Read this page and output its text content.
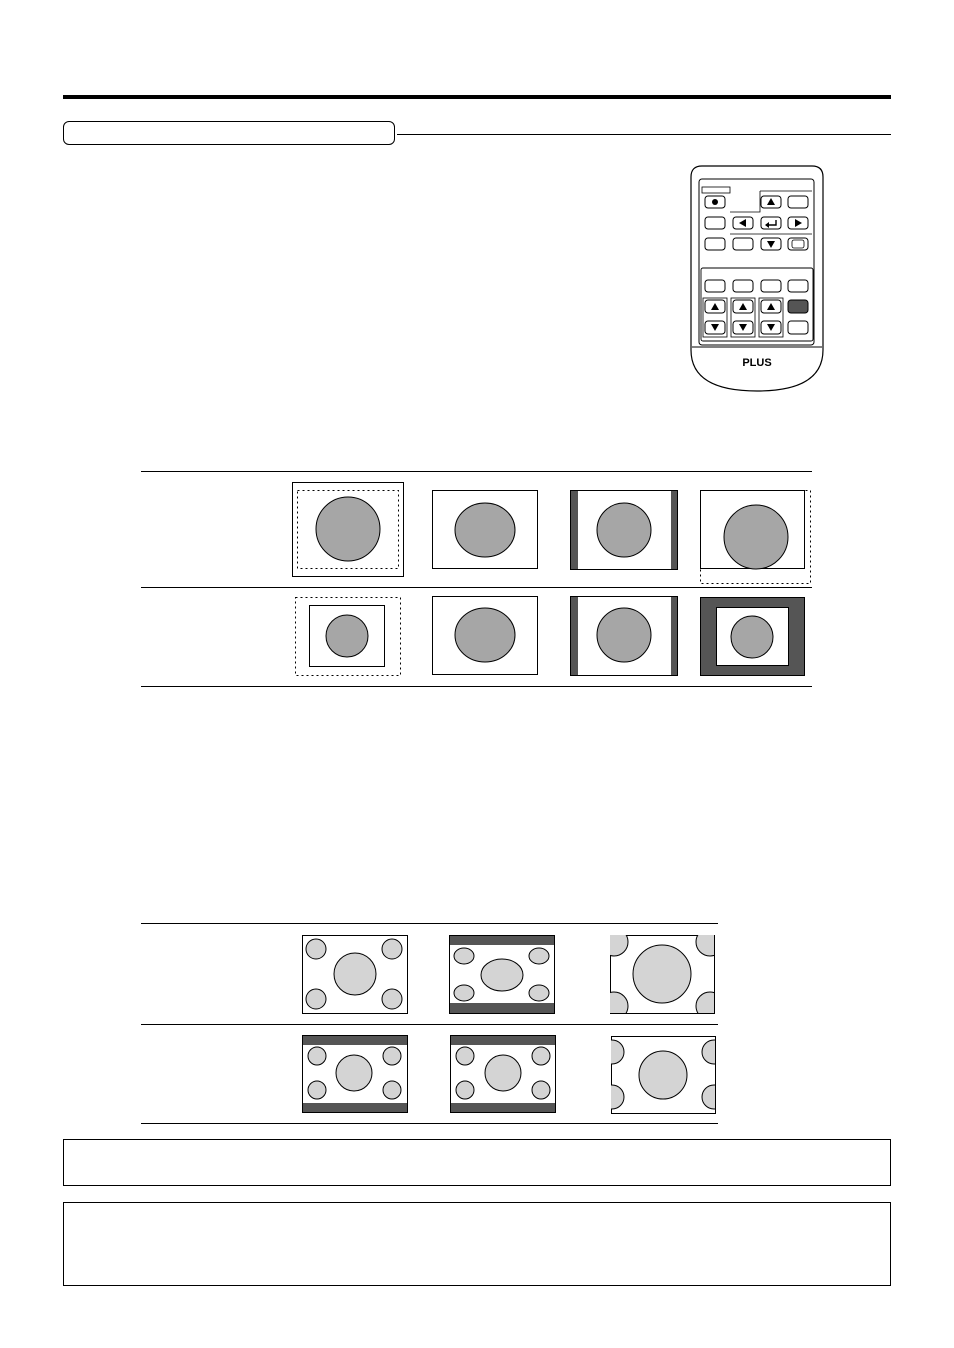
PLUS
